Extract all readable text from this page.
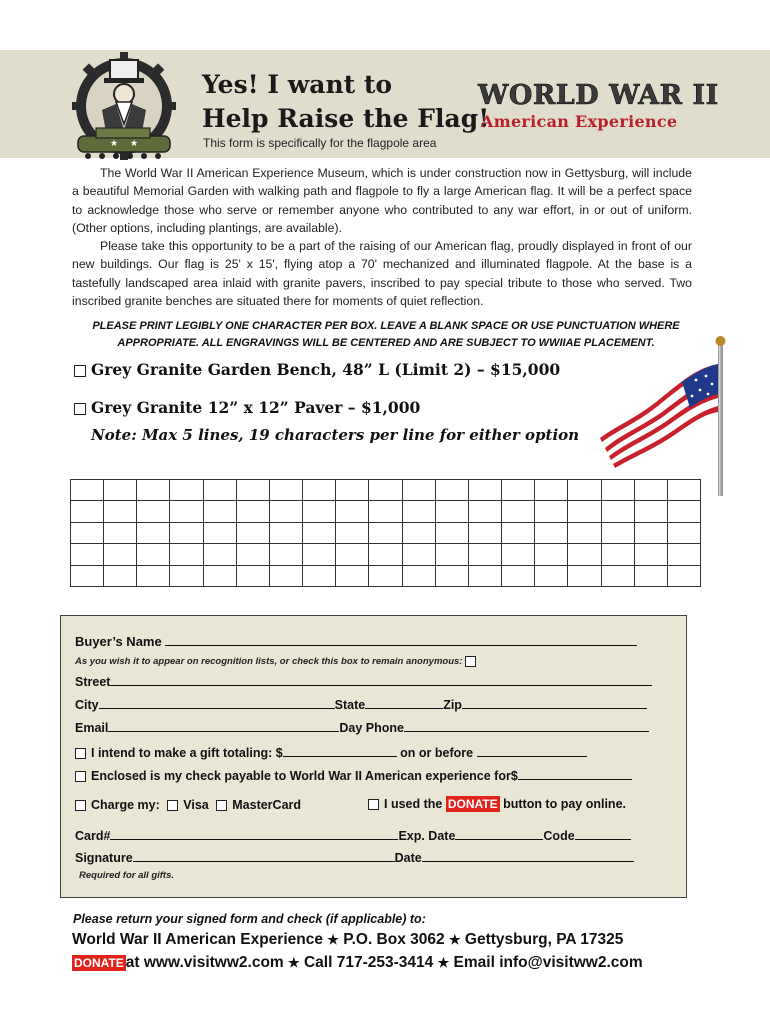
★ ★
Yes! I want to
Help Raise the Flag!
This form is specifically for the flagpole area
WORLD WAR II
American Experience

The World War II American Experience Museum, which is under construction now in Gettysburg, will include a beautiful Memorial Garden with walking path and flagpole to fly a large American flag. It will be a perfect space to acknowledge those who serve or remember anyone who contributed to any war effort, in or out of uniform. (Other options, including plantings, are available).

Please take this opportunity to be a part of the raising of our American flag, proudly displayed in front of our new buildings. Our flag is 25' x 15', flying atop a 70' mechanized and illuminated flagpole. At the base is a tastefully landscaped area inlaid with granite pavers, inscribed to pay special tribute to those who served. Two inscribed granite benches are situated there for moments of quiet reflection.

PLEASE PRINT LEGIBLY ONE CHARACTER PER BOX. LEAVE A BLANK SPACE OR USE PUNCTUATION WHERE APPROPRIATE. ALL ENGRAVINGS WILL BE CENTERED AND ARE SUBJECT TO WWIIAE PLACEMENT.
Grey Granite Garden Bench, 48” L (Limit 2) – $15,000
Grey Granite 12” x 12” Paver – $1,000
Note: Max 5 lines, 19 characters per line for either option

Buyer’s Name
As you wish it to appear on recognition lists, or check this box to remain anonymous:
Street
City	State	Zip
Email	Day Phone
I intend to make a gift totaling: $	on or before
Enclosed is my check payable to World War II American experience for$
Charge my: Visa MasterCard	I used the DONATE button to pay online.
Card#	Exp. Date	Code
Signature	Date
Required for all gifts.
Please return your signed form and check (if applicable) to:
World War II American Experience ★ P.O. Box 3062 ★ Gettysburg, PA 17325
DONATE at www.visitww2.com ★ Call 717-253-3414 ★ Email info@visitww2.com
